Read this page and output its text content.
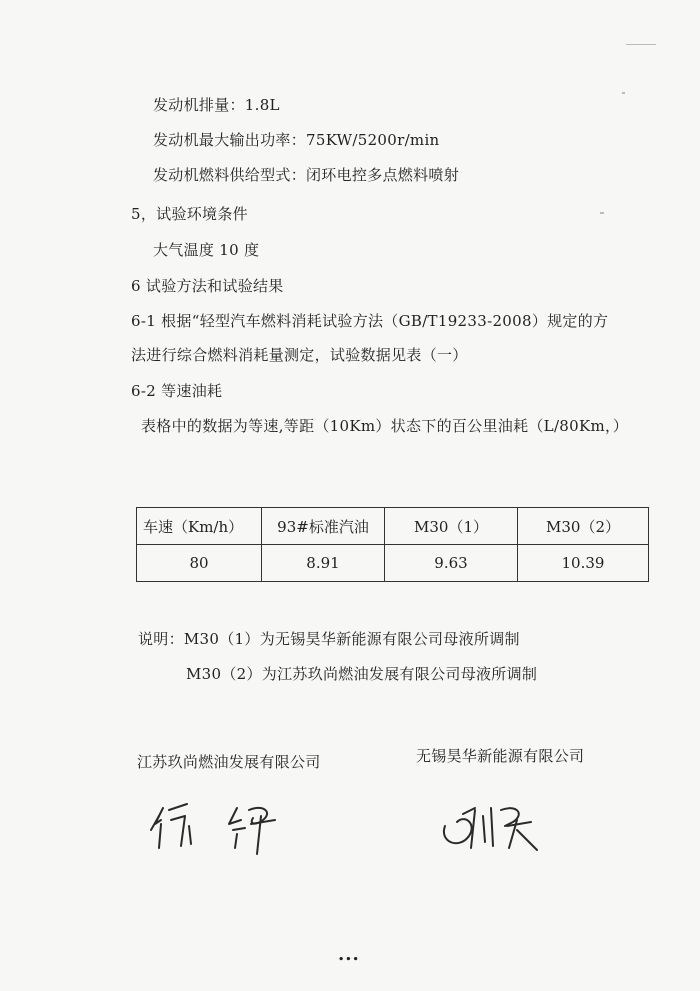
发动机排量：1.8L
发动机最大输出功率：75KW/5200r/min
发动机燃料供给型式：闭环电控多点燃料喷射
5，试验环境条件
大气温度 10 度
6 试验方法和试验结果
6-1 根据“轻型汽车燃料消耗试验方法（GB/T19233-2008）规定的方
法进行综合燃料消耗量测定，试验数据见表（一）
6-2 等速油耗
表格中的数据为等速,等距（10Km）状态下的百公里油耗（L/80Km，）
车速（Km/h）	93#标准汽油	M30（1）	M30（2）
80	8.91	9.63	10.39
说明：M30（1）为无锡昊华新能源有限公司母液所调制
M30（2）为江苏玖尚燃油发展有限公司母液所调制
江苏玖尚燃油发展有限公司	无锡昊华新能源有限公司
...
